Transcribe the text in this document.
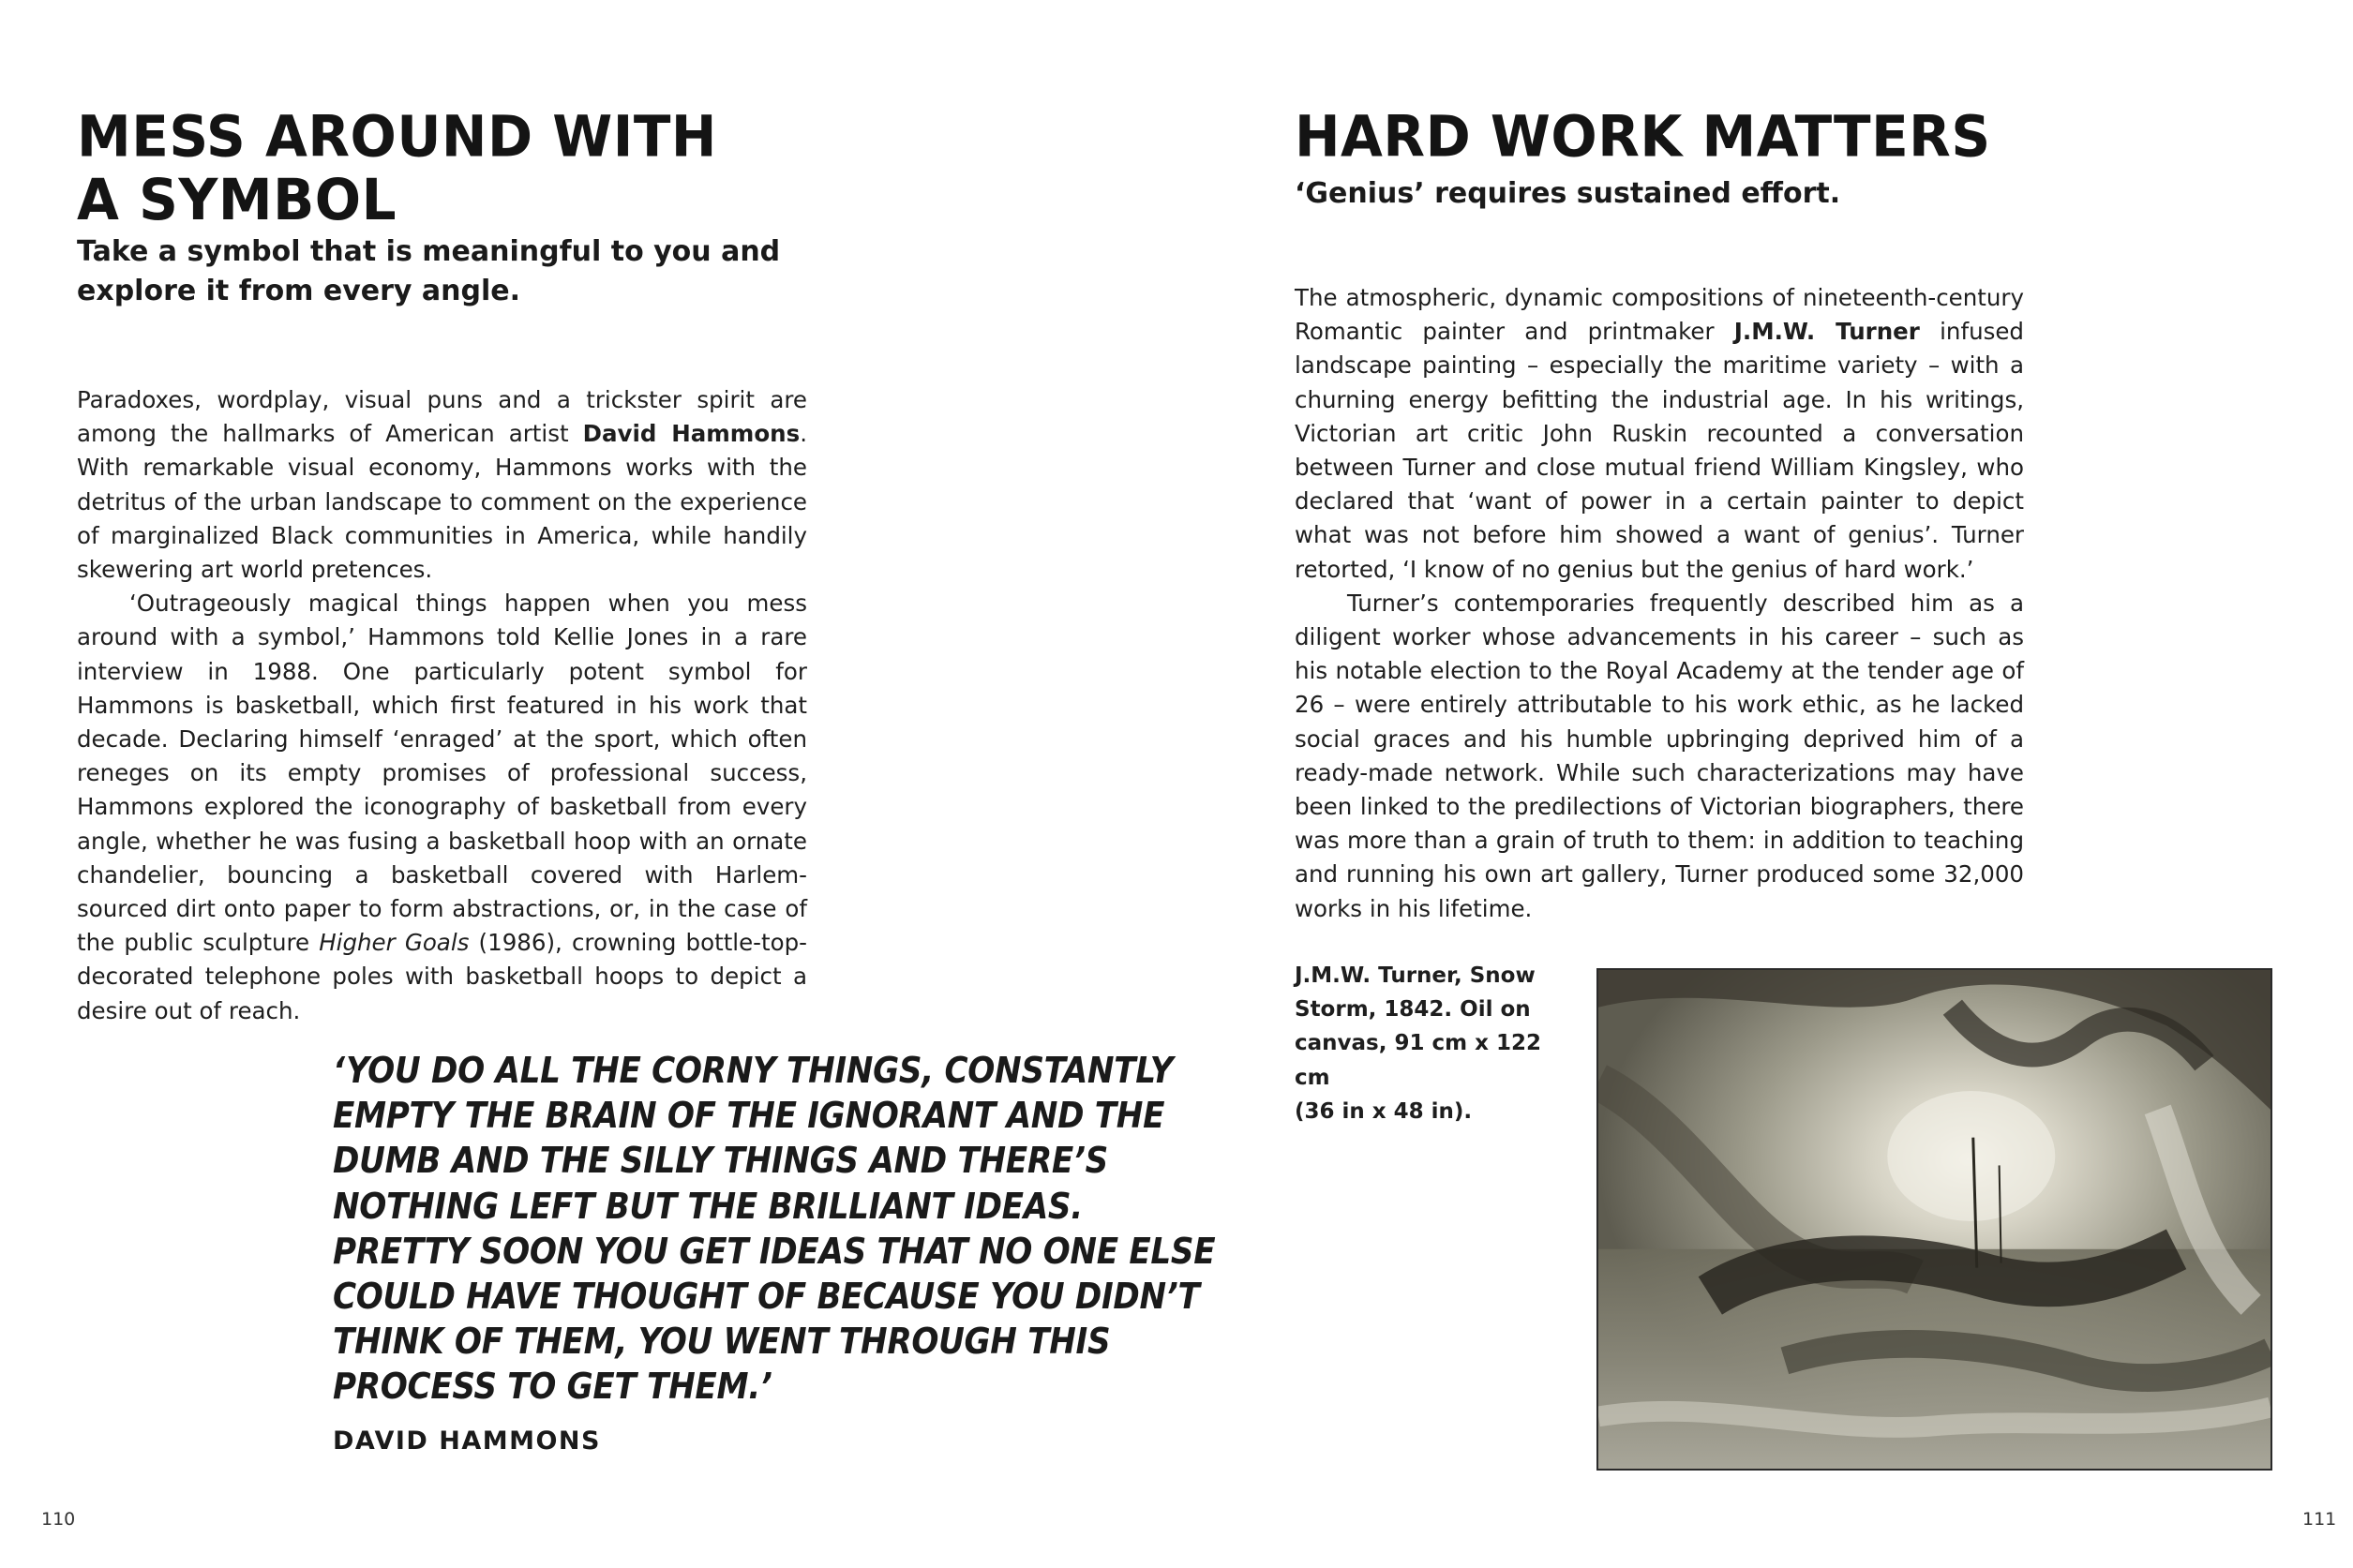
MESS AROUND WITH
A SYMBOL
Take a symbol that is meaningful to you and
explore it from every angle.

Paradoxes, wordplay, visual puns and a trickster spirit are among the hallmarks of American artist David Hammons. With remarkable visual economy, Hammons works with the detritus of the urban landscape to comment on the experience of marginalized Black communities in America, while handily skewering art world pretences.

‘Outrageously magical things happen when you mess around with a symbol,’ Hammons told Kellie Jones in a rare interview in 1988. One particularly potent symbol for Hammons is basketball, which first featured in his work that decade. Declaring himself ‘enraged’ at the sport, which often reneges on its empty promises of professional success, Hammons explored the iconography of basketball from every angle, whether he was fusing a basketball hoop with an ornate chandelier, bouncing a basketball covered with Harlem-sourced dirt onto paper to form abstractions, or, in the case of the public sculpture Higher Goals (1986), crowning bottle-top-decorated telephone poles with basketball hoops to depict a desire out of reach.

‘YOU DO ALL THE CORNY THINGS, CONSTANTLY
EMPTY THE BRAIN OF THE IGNORANT AND THE
DUMB AND THE SILLY THINGS AND THERE’S
NOTHING LEFT BUT THE BRILLIANT IDEAS.
PRETTY SOON YOU GET IDEAS THAT NO ONE ELSE
COULD HAVE THOUGHT OF BECAUSE YOU DIDN’T
THINK OF THEM, YOU WENT THROUGH THIS
PROCESS TO GET THEM.’

DAVID HAMMONS

110
HARD WORK MATTERS
‘Genius’ requires sustained effort.

The atmospheric, dynamic compositions of nineteenth-century Romantic painter and printmaker J.M.W. Turner infused landscape painting – especially the maritime variety – with a churning energy befitting the industrial age. In his writings, Victorian art critic John Ruskin recounted a conversation between Turner and close mutual friend William Kingsley, who declared that ‘want of power in a certain painter to depict what was not before him showed a want of genius’. Turner retorted, ‘I know of no genius but the genius of hard work.’

Turner’s contemporaries frequently described him as a diligent worker whose advancements in his career – such as his notable election to the Royal Academy at the tender age of 26 – were entirely attributable to his work ethic, as he lacked social graces and his humble upbringing deprived him of a ready-made network. While such characterizations may have been linked to the predilections of Victorian biographers, there was more than a grain of truth to them: in addition to teaching and running his own art gallery, Turner produced some 32,000 works in his lifetime.

J.M.W. Turner, Snow
Storm, 1842. Oil on
canvas, 91 cm x 122 cm
(36 in x 48 in).

111
